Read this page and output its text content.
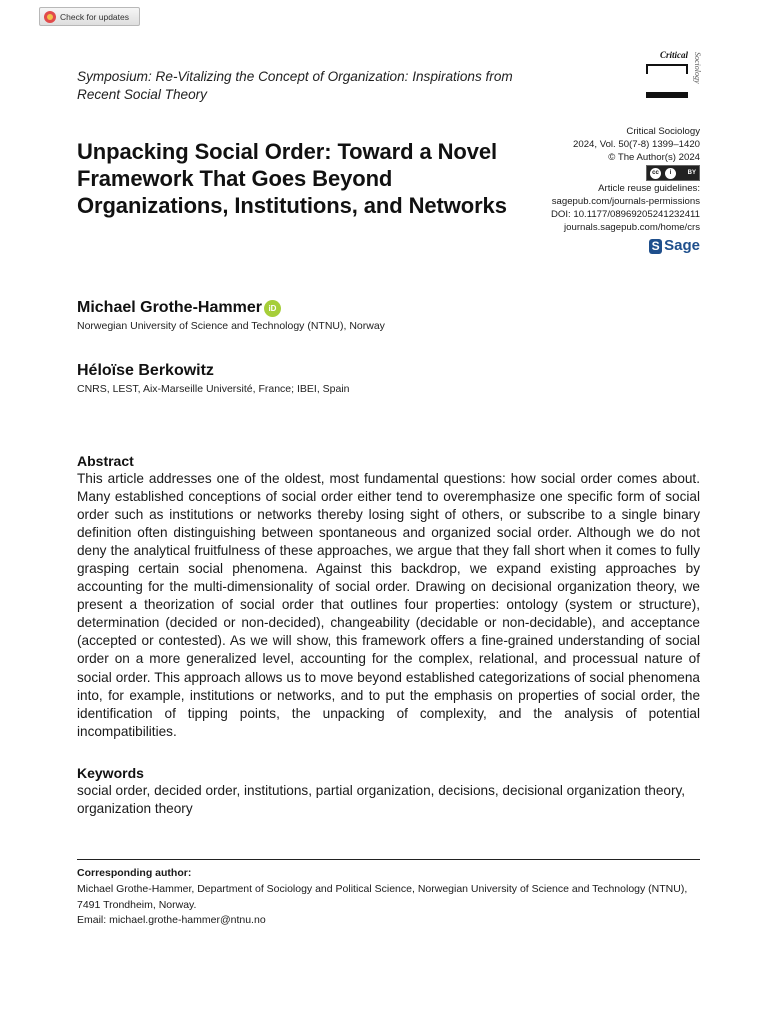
Check for updates
Critical Sociology
Symposium: Re-Vitalizing the Concept of Organization: Inspirations from Recent Social Theory
Critical Sociology
2024, Vol. 50(7-8) 1399–1420
© The Author(s) 2024
cc	i	BY
Article reuse guidelines:
sagepub.com/journals-permissions
DOI: 10.1177/08969205241232411
journals.sagepub.com/home/crs
S Sage
Unpacking Social Order: Toward a Novel Framework That Goes Beyond Organizations, Institutions, and Networks
Michael Grothe-Hammer iD
Norwegian University of Science and Technology (NTNU), Norway
Héloïse Berkowitz
CNRS, LEST, Aix-Marseille Université, France; IBEI, Spain
Abstract
This article addresses one of the oldest, most fundamental questions: how social order comes about. Many established conceptions of social order either tend to overemphasize one specific form of social order such as institutions or networks thereby losing sight of others, or subscribe to a single binary definition often distinguishing between spontaneous and organized social order. Although we do not deny the analytical fruitfulness of these approaches, we argue that they fall short when it comes to fully grasping certain social phenomena. Against this backdrop, we expand existing approaches by accounting for the multi-dimensionality of social order. Drawing on decisional organization theory, we present a theorization of social order that outlines four properties: ontology (system or structure), determination (decided or non-decided), changeability (decidable or non-decidable), and acceptance (accepted or contested). As we will show, this framework offers a fine-grained understanding of social order on a more generalized level, accounting for the complex, relational, and processual nature of social order. This approach allows us to move beyond established categorizations of social phenomena into, for example, institutions or networks, and to put the emphasis on properties of social order, the identification of tipping points, the unpacking of complexity, and the analysis of potential incompatibilities.
Keywords
social order, decided order, institutions, partial organization, decisions, decisional organization theory, organization theory
Corresponding author:
Michael Grothe-Hammer, Department of Sociology and Political Science, Norwegian University of Science and Technology (NTNU), 7491 Trondheim, Norway.
Email: michael.grothe-hammer@ntnu.no
